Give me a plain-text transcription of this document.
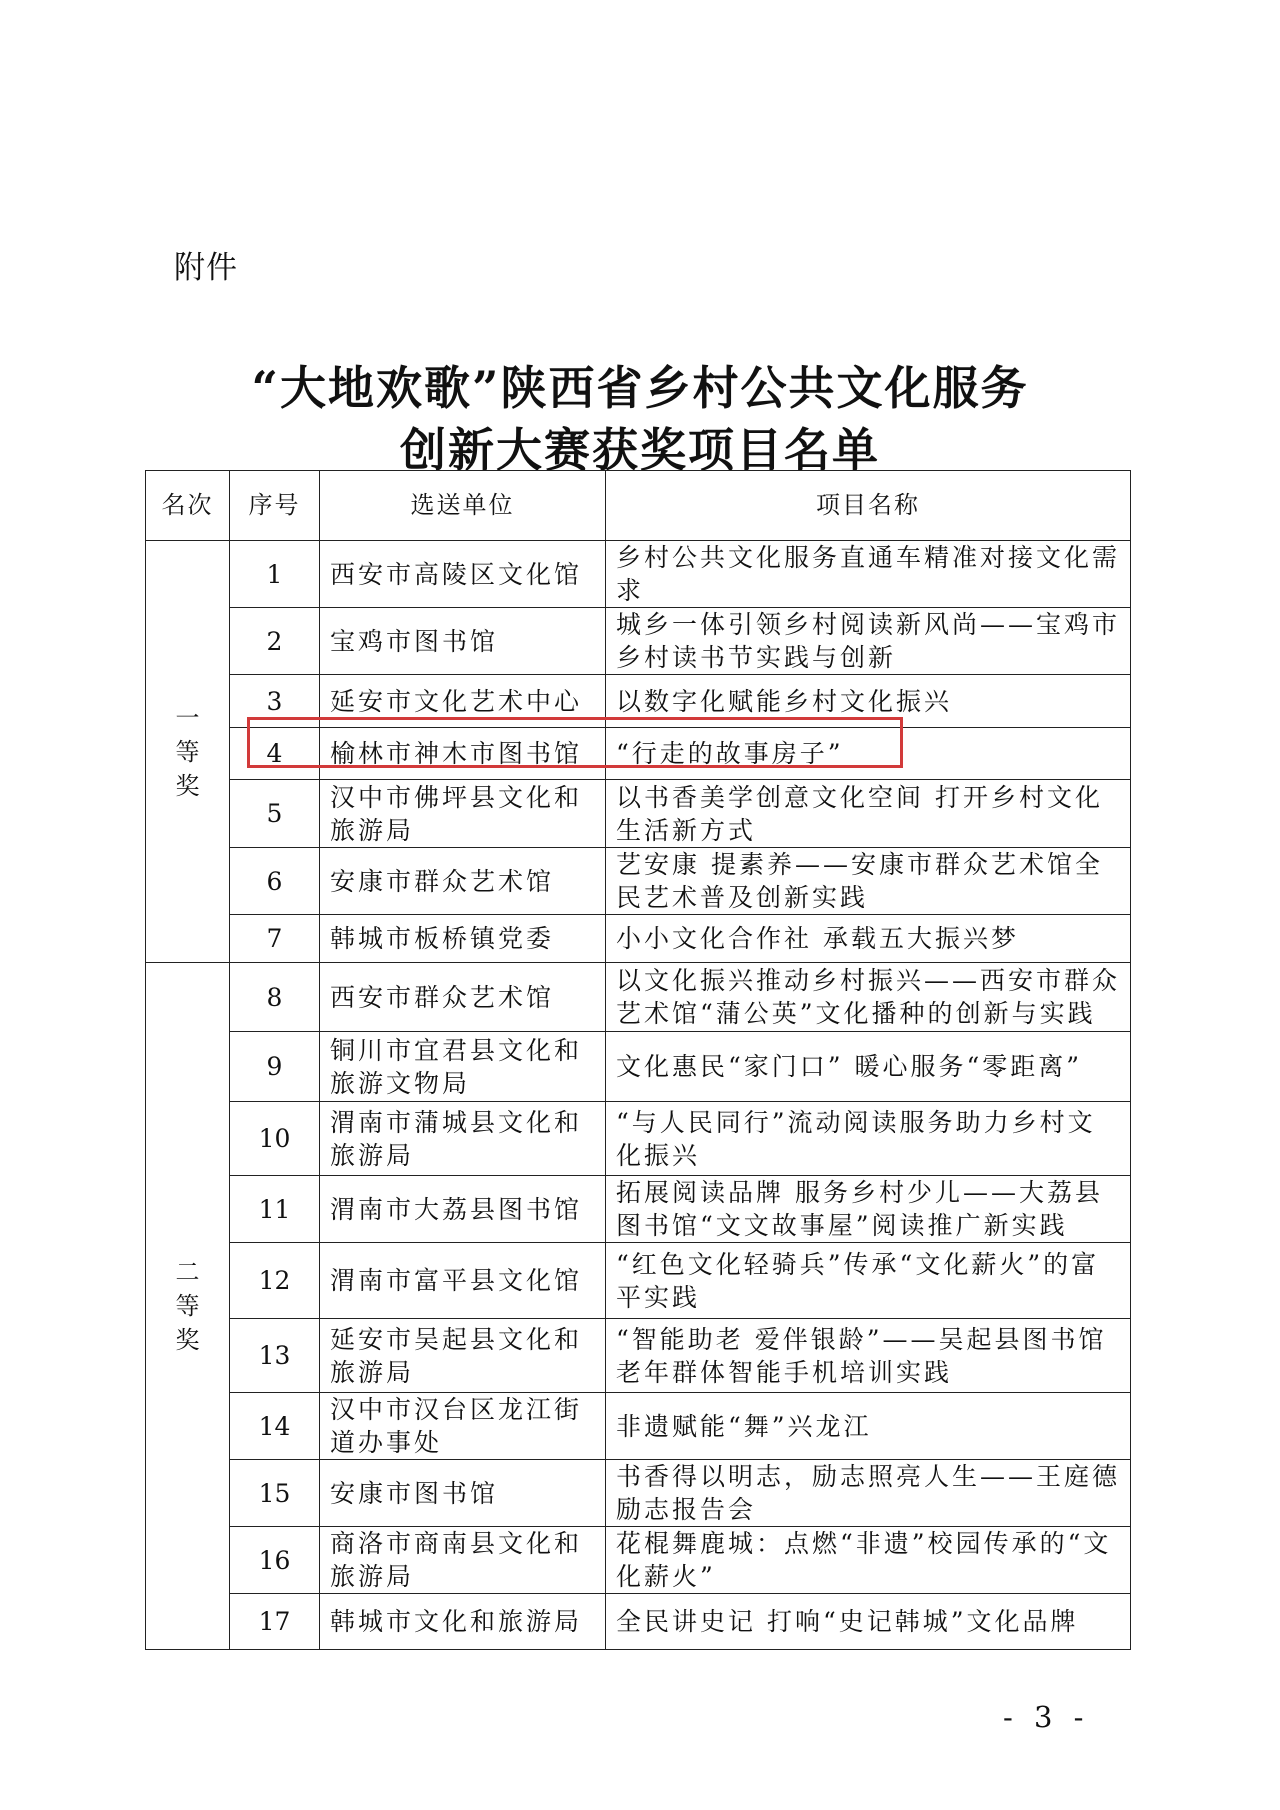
附件
“大地欢歌”陕西省乡村公共文化服务
创新大赛获奖项目名单
名次	序号	选送单位	项目名称
一等奖	1	西安市高陵区文化馆	乡村公共文化服务直通车精准对接文化需求
	2	宝鸡市图书馆	城乡一体引领乡村阅读新风尚——宝鸡市乡村读书节实践与创新
	3	延安市文化艺术中心	以数字化赋能乡村文化振兴
	4	榆林市神木市图书馆	“行走的故事房子”
	5	汉中市佛坪县文化和旅游局	以书香美学创意文化空间 打开乡村文化生活新方式
	6	安康市群众艺术馆	艺安康 提素养——安康市群众艺术馆全民艺术普及创新实践
	7	韩城市板桥镇党委	小小文化合作社 承载五大振兴梦
二等奖	8	西安市群众艺术馆	以文化振兴推动乡村振兴——西安市群众艺术馆“蒲公英”文化播种的创新与实践
	9	铜川市宜君县文化和旅游文物局	文化惠民“家门口” 暖心服务“零距离”
	10	渭南市蒲城县文化和旅游局	“与人民同行”流动阅读服务助力乡村文化振兴
	11	渭南市大荔县图书馆	拓展阅读品牌 服务乡村少儿——大荔县图书馆“文文故事屋”阅读推广新实践
	12	渭南市富平县文化馆	“红色文化轻骑兵”传承“文化薪火”的富平实践
	13	延安市吴起县文化和旅游局	“智能助老 爱伴银龄”——吴起县图书馆老年群体智能手机培训实践
	14	汉中市汉台区龙江街道办事处	非遗赋能“舞”兴龙江
	15	安康市图书馆	书香得以明志，励志照亮人生——王庭德励志报告会
	16	商洛市商南县文化和旅游局	花棍舞鹿城：点燃“非遗”校园传承的“文化薪火”
	17	韩城市文化和旅游局	全民讲史记 打响“史记韩城”文化品牌
- 3 -
